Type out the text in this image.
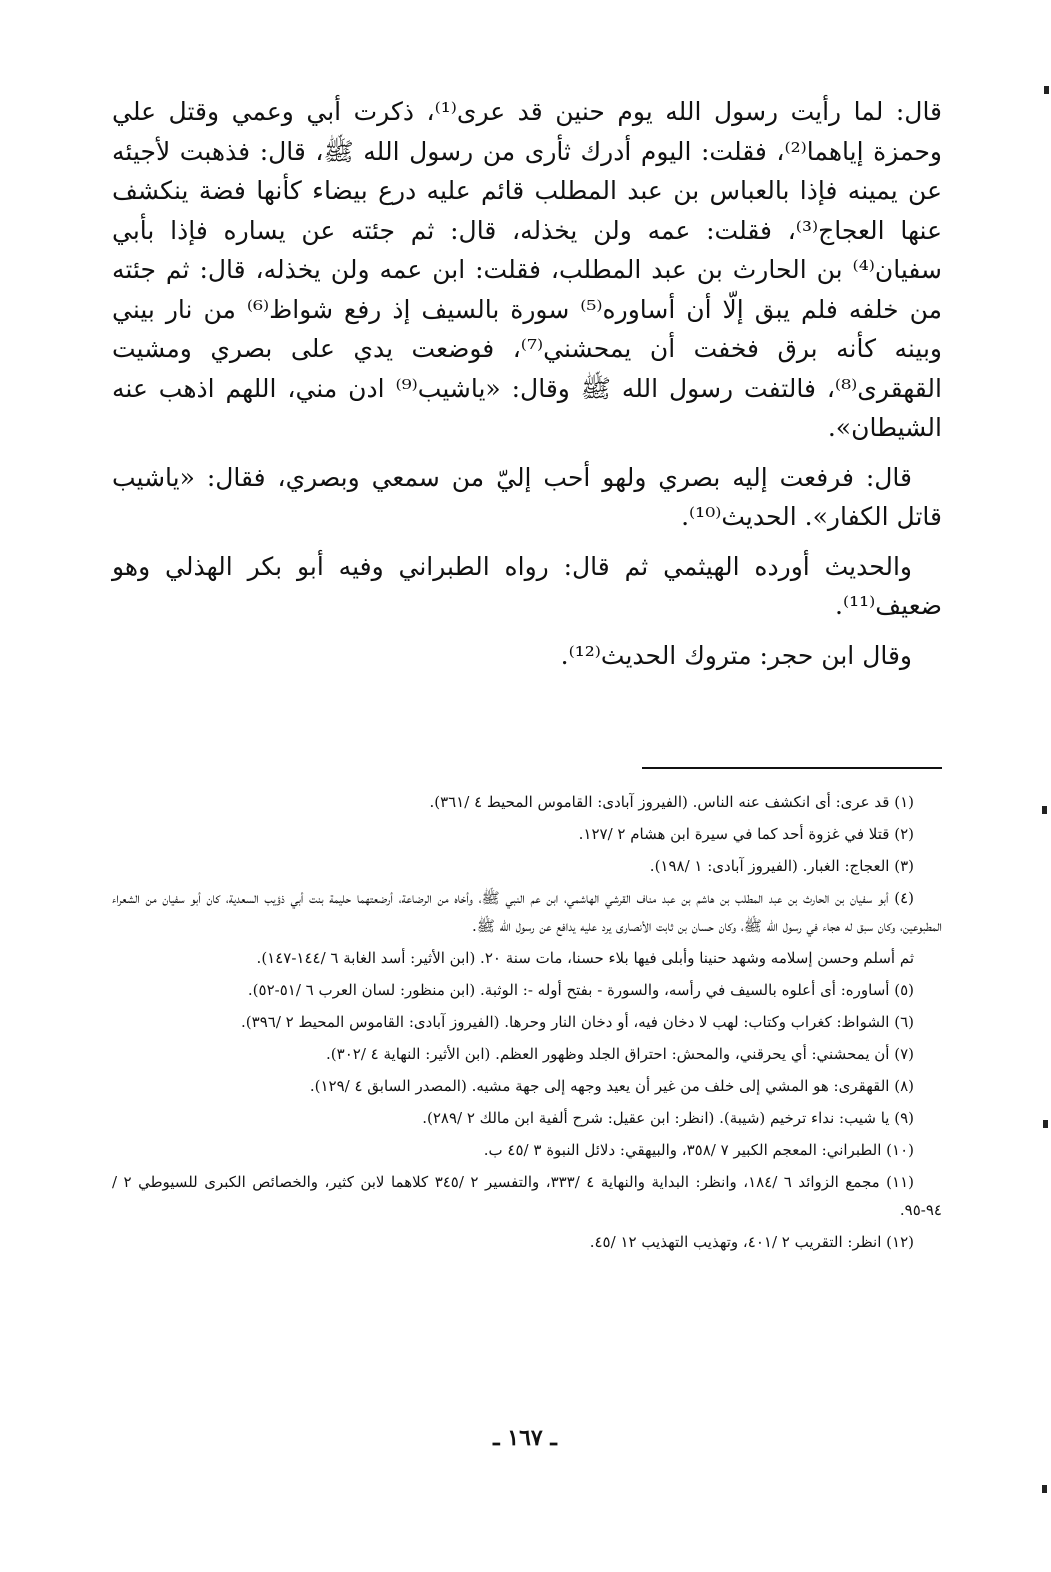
قال: لما رأيت رسول الله يوم حنين قد عرى⁽¹⁾، ذكرت أبي وعمي وقتل علي وحمزة إياهما⁽²⁾، فقلت: اليوم أدرك ثأرى من رسول الله ﷺ، قال: فذهبت لأجيئه عن يمينه فإذا بالعباس بن عبد المطلب قائم عليه درع بيضاء كأنها فضة ينكشف عنها العجاج⁽³⁾، فقلت: عمه ولن يخذله، قال: ثم جئته عن يساره فإذا بأبي سفيان⁽⁴⁾ بن الحارث بن عبد المطلب، فقلت: ابن عمه ولن يخذله، قال: ثم جئته من خلفه فلم يبق إلّا أن أساوره⁽⁵⁾ سورة بالسيف إذ رفع شواظ⁽⁶⁾ من نار بيني وبينه كأنه برق فخفت أن يمحشني⁽⁷⁾، فوضعت يدي على بصري ومشيت القهقرى⁽⁸⁾، فالتفت رسول الله ﷺ وقال: «ياشيب⁽⁹⁾ ادن مني، اللهم اذهب عنه الشيطان».

قال: فرفعت إليه بصري ولهو أحب إليّ من سمعي وبصري، فقال: «ياشيب قاتل الكفار». الحديث⁽¹⁰⁾.

والحديث أورده الهيثمي ثم قال: رواه الطبراني وفيه أبو بكر الهذلي وهو ضعيف⁽¹¹⁾.

وقال ابن حجر: متروك الحديث⁽¹²⁾.

(١) قد عرى: أى انكشف عنه الناس. (الفيروز آبادى: القاموس المحيط ٤ /٣٦١).

(٢) قتلا في غزوة أحد كما في سيرة ابن هشام ٢ /١٢٧.

(٣) العجاج: الغبار. (الفيروز آبادى: ١ /١٩٨).

(٤) أبو سفيان بن الحارث بن عبد المطلب بن هاشم بن عبد مناف القرشي الهاشمي، ابن عم النبي ﷺ، وأخاه من الرضاعة، أرضعتهما حليمة بنت أبي ذؤيب السعدية، كان أبو سفيان من الشعراء المطبوعين، وكان سبق له هجاء في رسول الله ﷺ، وكان حسان بن ثابت الأنصارى يرد عليه يدافع عن رسول الله ﷺ.

ثم أسلم وحسن إسلامه وشهد حنينا وأبلى فيها بلاء حسنا، مات سنة ٢٠. (ابن الأثير: أسد الغابة ٦ /١٤٤-١٤٧).

(٥) أساوره: أى أعلوه بالسيف في رأسه، والسورة - بفتح أوله -: الوثبة. (ابن منظور: لسان العرب ٦ /٥١-٥٢).

(٦) الشواظ: كغراب وكتاب: لهب لا دخان فيه، أو دخان النار وحرها. (الفيروز آبادى: القاموس المحيط ٢ /٣٩٦).

(٧) أن يمحشني: أي يحرقني، والمحش: احتراق الجلد وظهور العظم. (ابن الأثير: النهاية ٤ /٣٠٢).

(٨) القهقرى: هو المشي إلى خلف من غير أن يعيد وجهه إلى جهة مشيه. (المصدر السابق ٤ /١٢٩).

(٩) يا شيب: نداء ترخيم (شيبة). (انظر: ابن عقيل: شرح ألفية ابن مالك ٢ /٢٨٩).

(١٠) الطبراني: المعجم الكبير ٧ /٣٥٨، والبيهقي: دلائل النبوة ٣ /٤٥ ب.

(١١) مجمع الزوائد ٦ /١٨٤، وانظر: البداية والنهاية ٤ /٣٣٣، والتفسير ٢ /٣٤٥ كلاهما لابن كثير، والخصائص الكبرى للسيوطي ٢ /٩٤-٩٥.

(١٢) انظر: التقريب ٢ /٤٠١، وتهذيب التهذيب ١٢ /٤٥.

ـ ١٦٧ ـ
